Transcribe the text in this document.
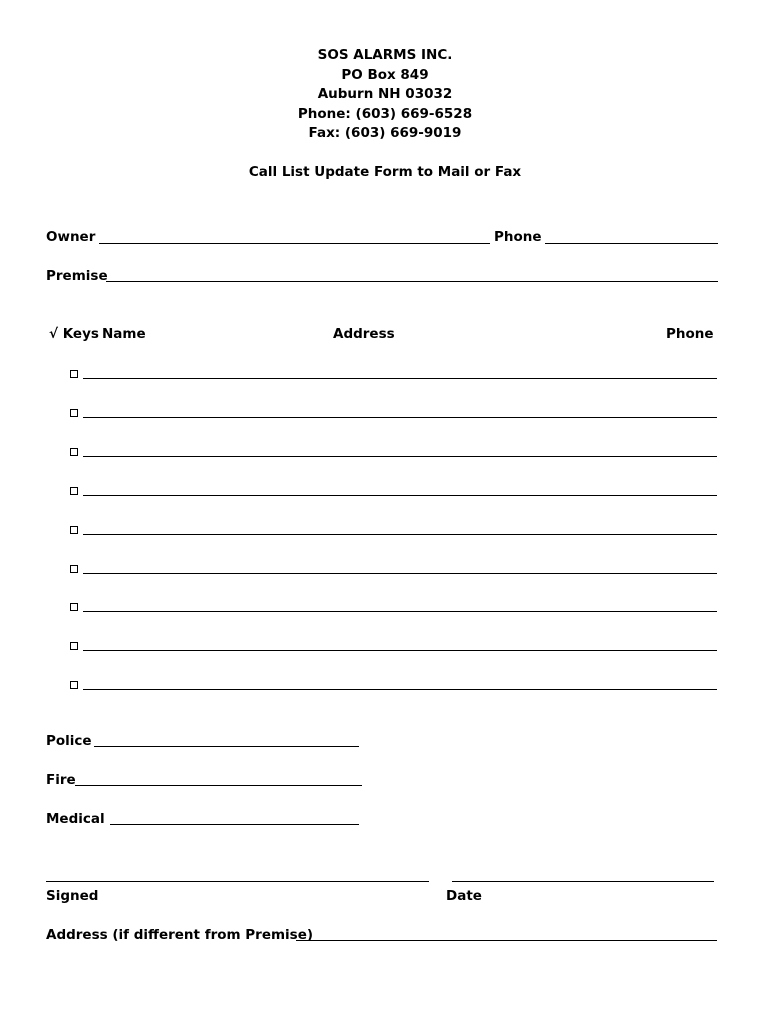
SOS ALARMS INC.
PO Box 849
Auburn NH 03032
Phone: (603) 669-6528
Fax: (603) 669-9019
Call List Update Form to Mail or Fax
Owner	Phone
Premise
√ Keys Name	Address	Phone
Police
Fire
Medical
Signed	Date
Address (if different from Premise)
